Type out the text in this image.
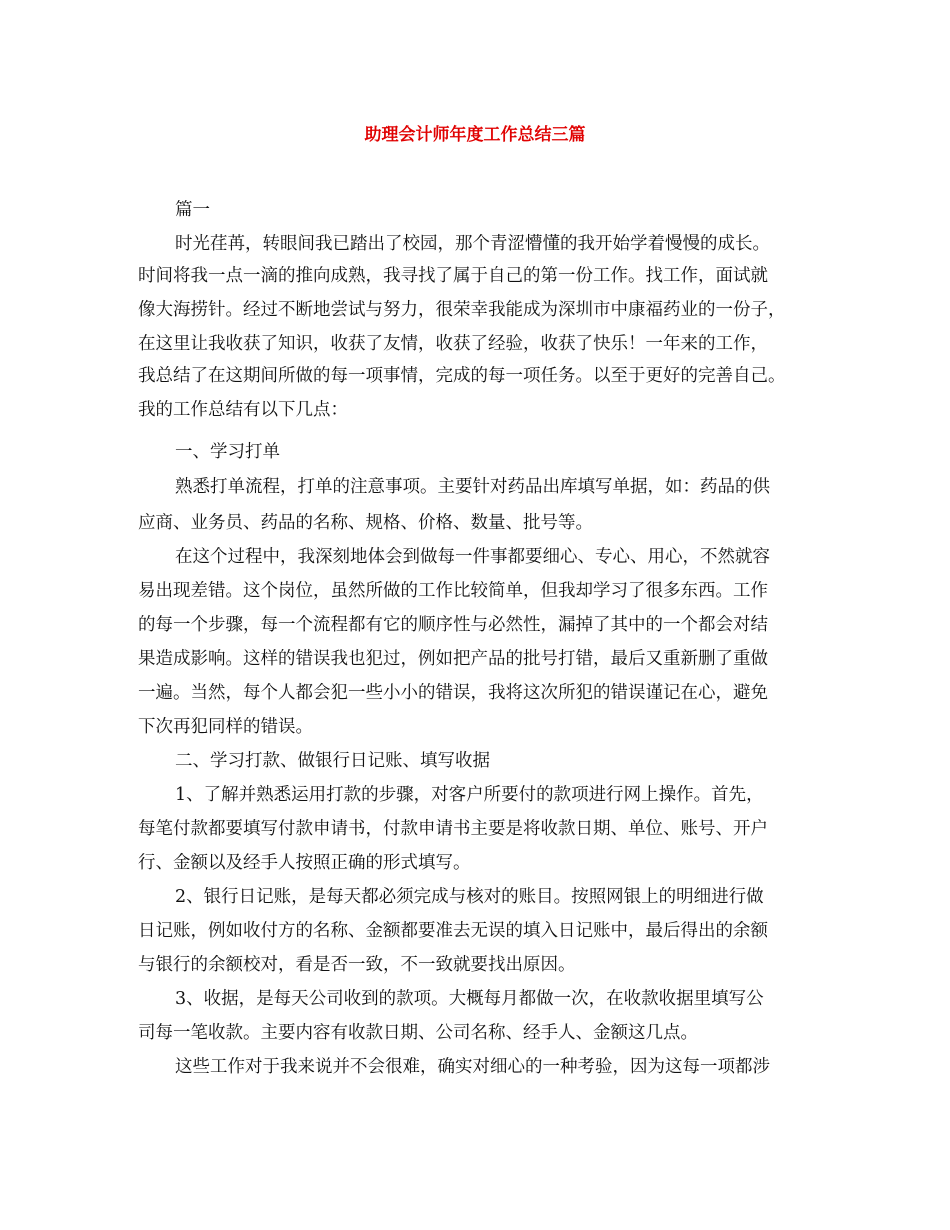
助理会计师年度工作总结三篇
篇一
时光荏苒，转眼间我已踏出了校园，那个青涩懵懂的我开始学着慢慢的成长。
时间将我一点一滴的推向成熟，我寻找了属于自己的第一份工作。找工作，面试就
像大海捞针。经过不断地尝试与努力，很荣幸我能成为深圳市中康福药业的一份子，
在这里让我收获了知识，收获了友情，收获了经验，收获了快乐！一年来的工作，
我总结了在这期间所做的每一项事情，完成的每一项任务。以至于更好的完善自己。
我的工作总结有以下几点：
一、学习打单
熟悉打单流程，打单的注意事项。主要针对药品出库填写单据，如：药品的供
应商、业务员、药品的名称、规格、价格、数量、批号等。
在这个过程中，我深刻地体会到做每一件事都要细心、专心、用心，不然就容
易出现差错。这个岗位，虽然所做的工作比较简单，但我却学习了很多东西。工作
的每一个步骤，每一个流程都有它的顺序性与必然性，漏掉了其中的一个都会对结
果造成影响。这样的错误我也犯过，例如把产品的批号打错，最后又重新删了重做
一遍。当然，每个人都会犯一些小小的错误，我将这次所犯的错误谨记在心，避免
下次再犯同样的错误。
二、学习打款、做银行日记账、填写收据
1、了解并熟悉运用打款的步骤，对客户所要付的款项进行网上操作。首先，
每笔付款都要填写付款申请书，付款申请书主要是将收款日期、单位、账号、开户
行、金额以及经手人按照正确的形式填写。
2、银行日记账，是每天都必须完成与核对的账目。按照网银上的明细进行做
日记账，例如收付方的名称、金额都要准去无误的填入日记账中，最后得出的余额
与银行的余额校对，看是否一致，不一致就要找出原因。
3、收据，是每天公司收到的款项。大概每月都做一次，在收款收据里填写公
司每一笔收款。主要内容有收款日期、公司名称、经手人、金额这几点。
这些工作对于我来说并不会很难，确实对细心的一种考验，因为这每一项都涉
